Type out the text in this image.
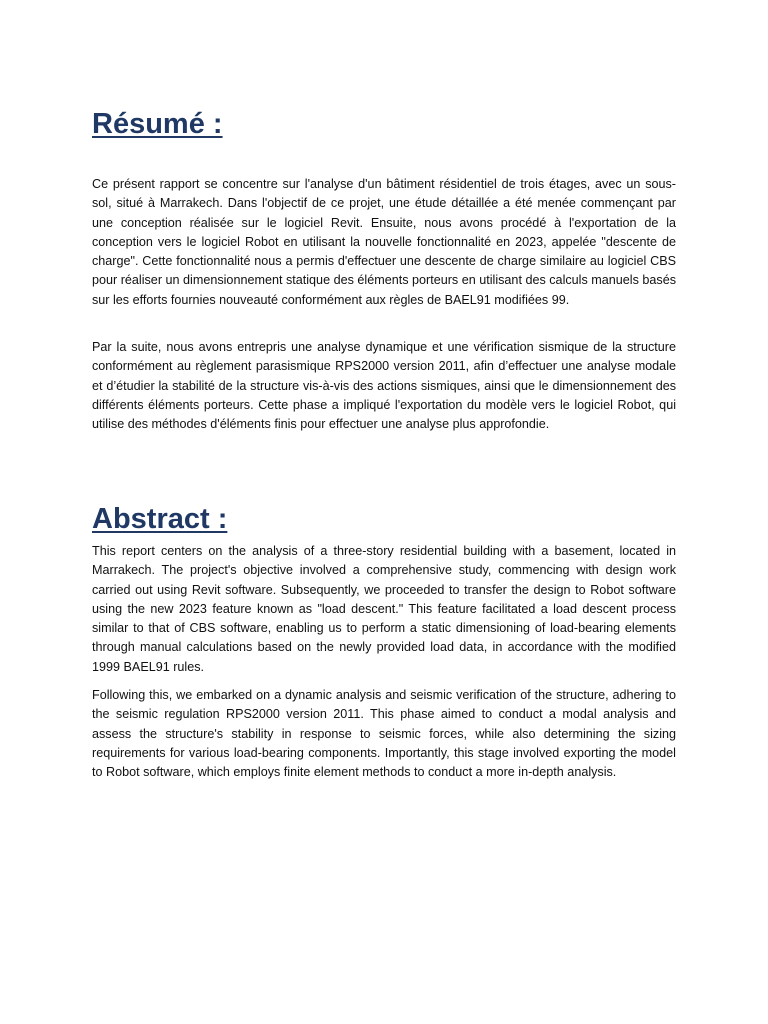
Résumé :

Ce présent rapport se concentre sur l'analyse d'un bâtiment résidentiel de trois étages, avec un sous-sol, situé à Marrakech. Dans l'objectif de ce projet, une étude détaillée a été menée commençant par une conception réalisée sur le logiciel Revit. Ensuite, nous avons procédé à l'exportation de la conception vers le logiciel Robot en utilisant la nouvelle fonctionnalité en 2023, appelée "descente de charge". Cette fonctionnalité nous a permis d'effectuer une descente de charge similaire au logiciel CBS pour réaliser un dimensionnement statique des éléments porteurs en utilisant des calculs manuels basés sur les efforts fournies nouveauté conformément aux règles de BAEL91 modifiées 99.

Par la suite, nous avons entrepris une analyse dynamique et une vérification sismique de la structure conformément au règlement parasismique RPS2000 version 2011, afin d’effectuer une analyse modale et d’étudier la stabilité de la structure vis-à-vis des actions sismiques, ainsi que le dimensionnement des différents éléments porteurs. Cette phase a impliqué l'exportation du modèle vers le logiciel Robot, qui utilise des méthodes d'éléments finis pour effectuer une analyse plus approfondie.

Abstract :

This report centers on the analysis of a three-story residential building with a basement, located in Marrakech. The project's objective involved a comprehensive study, commencing with design work carried out using Revit software. Subsequently, we proceeded to transfer the design to Robot software using the new 2023 feature known as "load descent." This feature facilitated a load descent process similar to that of CBS software, enabling us to perform a static dimensioning of load-bearing elements through manual calculations based on the newly provided load data, in accordance with the modified 1999 BAEL91 rules.

Following this, we embarked on a dynamic analysis and seismic verification of the structure, adhering to the seismic regulation RPS2000 version 2011. This phase aimed to conduct a modal analysis and assess the structure's stability in response to seismic forces, while also determining the sizing requirements for various load-bearing components. Importantly, this stage involved exporting the model to Robot software, which employs finite element methods to conduct a more in-depth analysis.
